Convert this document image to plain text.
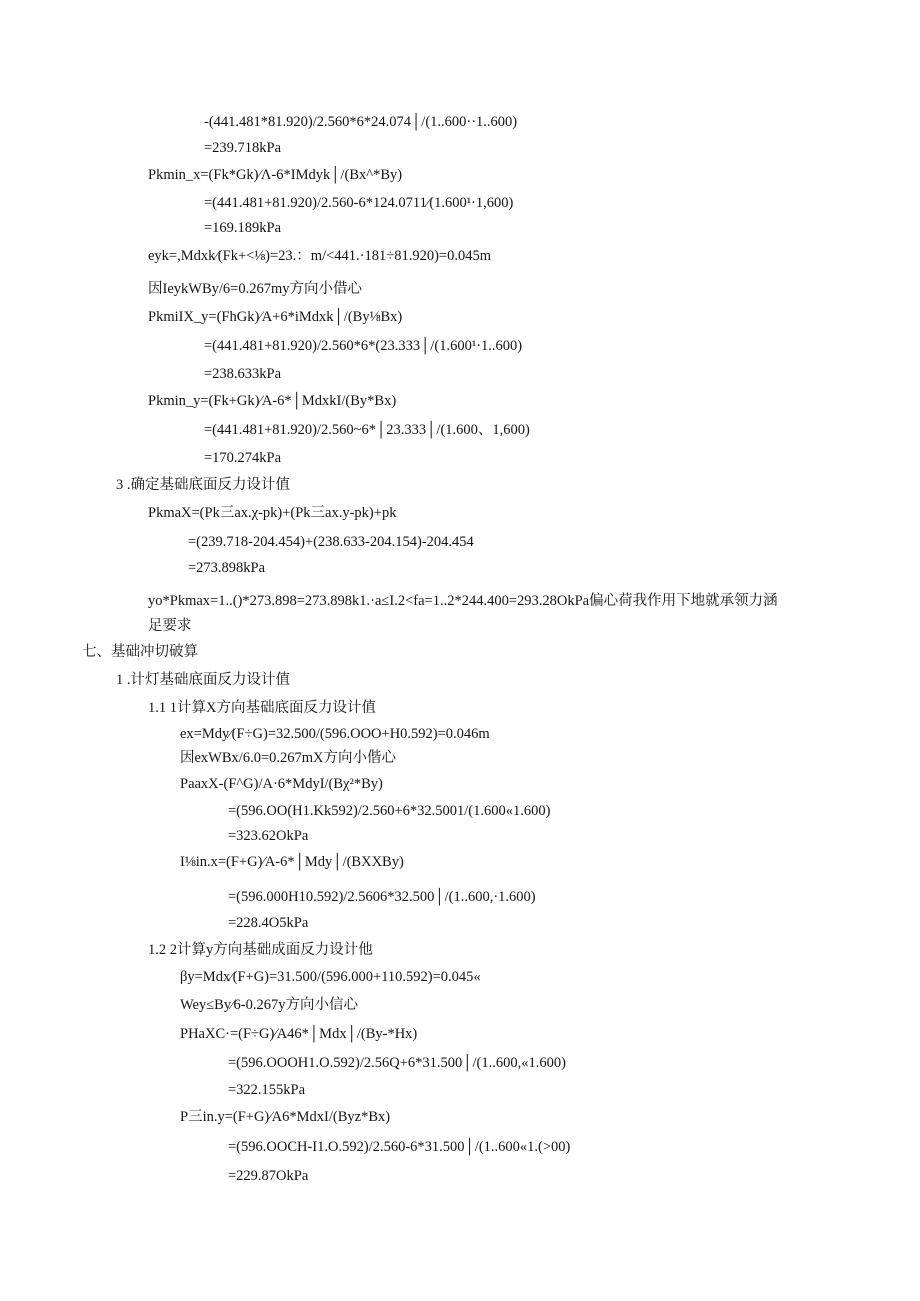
-(441.481*81.920)/2.560*6*24.074│/(1..600··1..600)
=239.718kPa
Pkmin_x=(Fk*Gk)∕Λ-6*IMdyk│/(Bx^*By)
=(441.481+81.920)/2.560-6*124.0711∕(1.600¹·1,600)
=169.189kPa
eyk=,Mdxk∕(Fk+<⅛)=23.：m/<441.·181÷81.920)=0.045m
因IeykWBy/6=0.267my方向小借心
PkmiIX_y=(FhGk)∕A+6*iMdxk│/(By⅛Bx)
=(441.481+81.920)/2.560*6*(23.333│/(1.600¹·1..600)
=238.633kPa
Pkmin_y=(Fk+Gk)∕A-6*│MdxkI/(By*Bx)
=(441.481+81.920)/2.560~6*│23.333│/(1.600、1,600)
=170.274kPa
3 .确定基础底面反力设计值
PkmaX=(Pk三ax.χ-pk)+(Pk三ax.y-pk)+pk
=(239.718-204.454)+(238.633-204.154)-204.454
=273.898kPa
yo*Pkmax=1..()*273.898=273.898k1.·a≤I.2<fa=1..2*244.400=293.28OkPa偏心荷我作用下地就承领力涵
足要求
七、基础冲切破算
1 .计灯基础底面反力设计值
1.1 1计算X方向基础底面反力设计值
ex=Mdy∕(F÷G)=32.500/(596.OOO+H0.592)=0.046m
因exWBx/6.0=0.267mX方向小偕心
PaaxX-(F^G)/A·6*MdyI/(Bχ²*By)
=(596.OO(H1.Kk592)/2.560+6*32.5001/(1.600«1.600)
=323.62OkPa
I⅛in.x=(F+G)∕A-6*│Mdy│/(BXXBy)
=(596.000H10.592)/2.5606*32.500│/(1..600,·1.600)
=228.4O5kPa
1.2 2计算y方向基础成面反力设计他
βy=Mdx∕(F+G)=31.500/(596.000+110.592)=0.045«
Wey≤By∕6-0.267y方向小信心
PHaXC·=(F÷G)∕A46*│Mdx│/(By-*Hx)
=(596.OOOH1.O.592)/2.56Q+6*31.500│/(1..600,«1.600)
=322.155kPa
P三in.y=(F+G)∕A6*MdxI/(Byz*Bx)
=(596.OOCH-I1.O.592)/2.560-6*31.500│/(1..600«1.(>00)
=229.87OkPa
